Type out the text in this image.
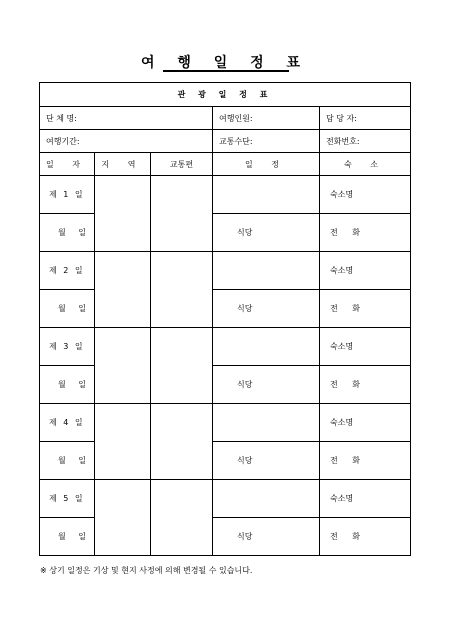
여 행 일 정 표
관 광 일 정 표				
단 체 명:			여행인원:	담 당 자:
여행기간:			교통수단:	전화번호:
일 자	지 역	교통편	일 정	숙 소
제 1 일				숙소명
월 일			식당	전 화
제 2 일				숙소명
월 일			식당	전 화
제 3 일				숙소명
월 일			식당	전 화
제 4 일				숙소명
월 일			식당	전 화
제 5 일				숙소명
월 일			식당	전 화
※ 상기 일정은 기상 및 현지 사정에 의해 변경될 수 있습니다.
